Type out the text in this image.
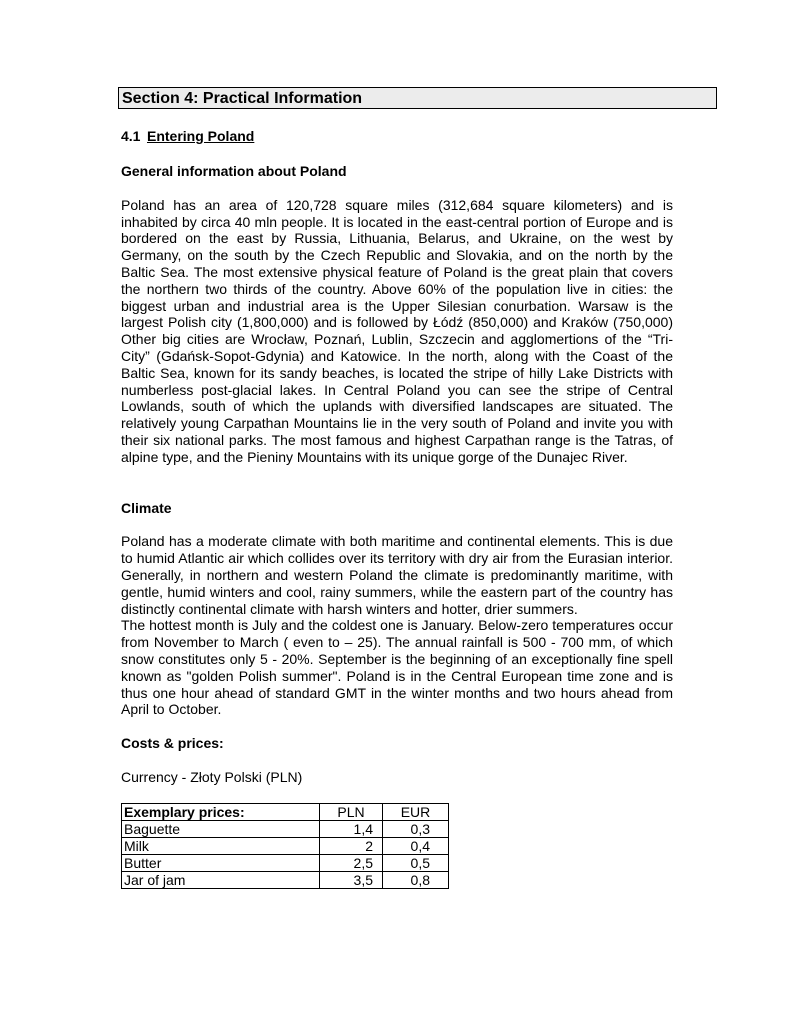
Section 4: Practical Information
4.1 Entering Poland
General information about Poland

Poland has an area of 120,728 square miles (312,684 square kilometers) and is inhabited by circa 40 mln people. It is located in the east-central portion of Europe and is bordered on the east by Russia, Lithuania, Belarus, and Ukraine, on the west by Germany, on the south by the Czech Republic and Slovakia, and on the north by the Baltic Sea. The most extensive physical feature of Poland is the great plain that covers the northern two thirds of the country. Above 60% of the population live in cities: the biggest urban and industrial area is the Upper Silesian conurbation. Warsaw is the largest Polish city (1,800,000) and is followed by Łódź (850,000) and Kraków (750,000) Other big cities are Wrocław, Poznań, Lublin, Szczecin and agglomertions of the “Tri-City” (Gdańsk-Sopot-Gdynia) and Katowice. In the north, along with the Coast of the Baltic Sea, known for its sandy beaches, is located the stripe of hilly Lake Districts with numberless post-glacial lakes. In Central Poland you can see the stripe of Central Lowlands, south of which the uplands with diversified landscapes are situated. The relatively young Carpathan Mountains lie in the very south of Poland and invite you with their six national parks. The most famous and highest Carpathan range is the Tatras, of alpine type, and the Pieniny Mountains with its unique gorge of the Dunajec River.

Climate

Poland has a moderate climate with both maritime and continental elements. This is due to humid Atlantic air which collides over its territory with dry air from the Eurasian interior. Generally, in northern and western Poland the climate is predominantly maritime, with gentle, humid winters and cool, rainy summers, while the eastern part of the country has distinctly continental climate with harsh winters and hotter, drier summers.

The hottest month is July and the coldest one is January. Below-zero temperatures occur from November to March ( even to – 25). The annual rainfall is 500 - 700 mm, of which snow constitutes only 5 - 20%. September is the beginning of an exceptionally fine spell known as "golden Polish summer". Poland is in the Central European time zone and is thus one hour ahead of standard GMT in the winter months and two hours ahead from April to October.

Costs & prices:

Currency - Złoty Polski (PLN)

Exemplary prices:	PLN	EUR
Baguette	1,4	0,3
Milk	2	0,4
Butter	2,5	0,5
Jar of jam	3,5	0,8
